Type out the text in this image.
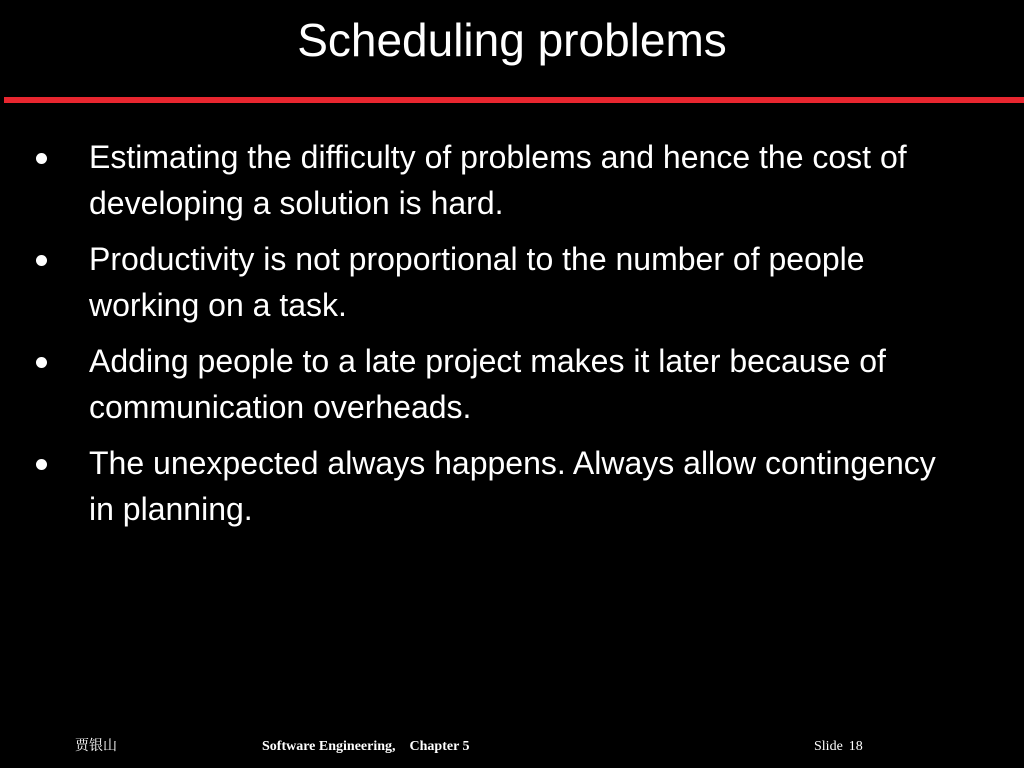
Scheduling problems
Estimating the difficulty of problems and hence the cost of developing a solution is hard.
Productivity is not proportional to the number of people working on a task.
Adding people to a late project makes it later because of communication overheads.
The unexpected always happens. Always allow contingency in planning.
贾银山	Software Engineering,    Chapter 5	Slide 18
